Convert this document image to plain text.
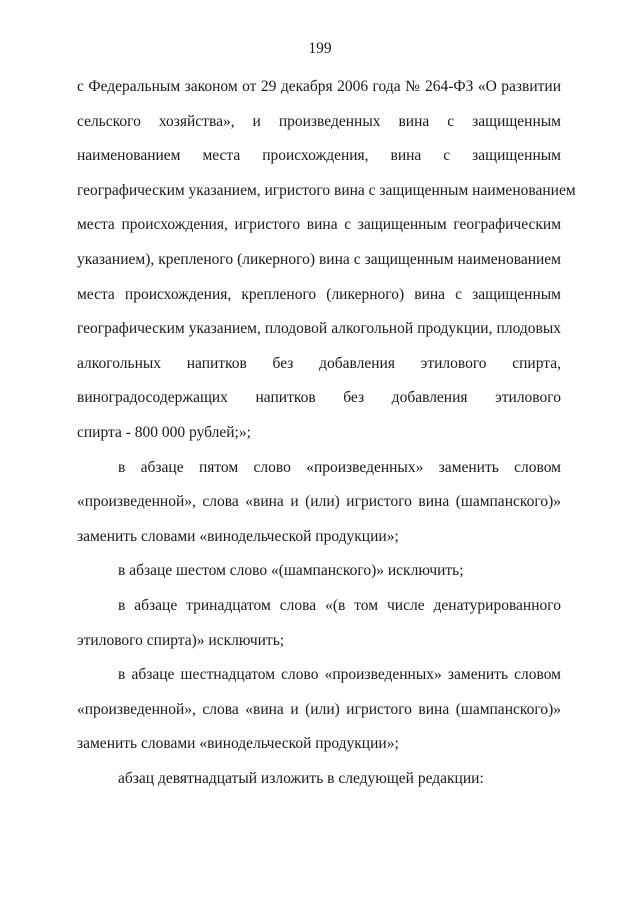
199
с Федеральным законом от 29 декабря 2006 года № 264-ФЗ «О развитии
сельского хозяйства», и произведенных вина с защищенным
наименованием места происхождения, вина с защищенным
географическим указанием, игристого вина с защищенным наименованием
места происхождения, игристого вина с защищенным географическим
указанием), крепленого (ликерного) вина с защищенным наименованием
места происхождения, крепленого (ликерного) вина с защищенным
географическим указанием, плодовой алкогольной продукции, плодовых
алкогольных напитков без добавления этилового спирта,
виноградосодержащих напитков без добавления этилового
спирта - 800 000 рублей;»;
в абзаце пятом слово «произведенных» заменить словом
«произведенной», слова «вина и (или) игристого вина (шампанского)»
заменить словами «винодельческой продукции»;
в абзаце шестом слово «(шампанского)» исключить;
в абзаце тринадцатом слова «(в том числе денатурированного
этилового спирта)» исключить;
в абзаце шестнадцатом слово «произведенных» заменить словом
«произведенной», слова «вина и (или) игристого вина (шампанского)»
заменить словами «винодельческой продукции»;
абзац девятнадцатый изложить в следующей редакции:
